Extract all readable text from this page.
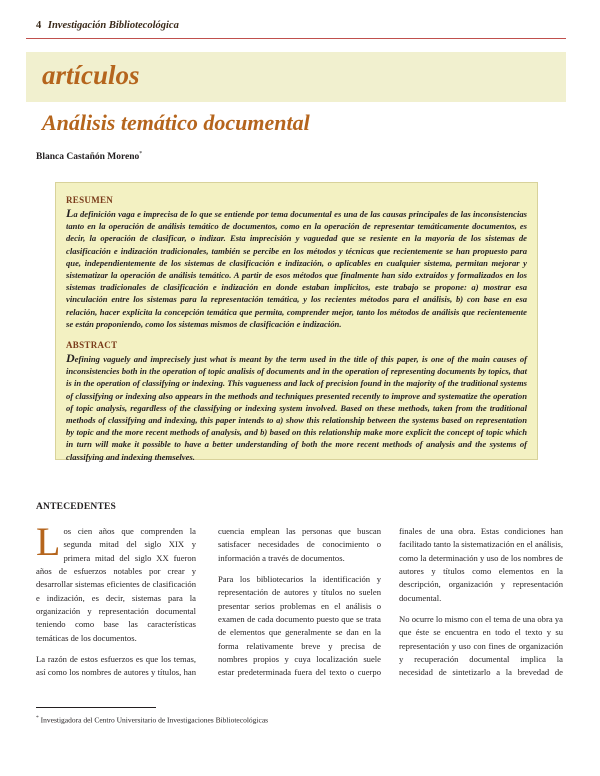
4 Investigación Bibliotecológica
artículos
Análisis temático documental
Blanca Castañón Moreno*
RESUMEN

La definición vaga e imprecisa de lo que se entiende por tema documental es una de las causas principales de las inconsistencias tanto en la operación de análisis temático de documentos, como en la operación de representar temáticamente documentos, es decir, la operación de clasificar, o indizar. Esta imprecisión y vaguedad que se resiente en la mayoría de los sistemas de clasificación e indización tradicionales, también se percibe en los métodos y técnicas que recientemente se han propuesto para que, independientemente de los sistemas de clasificación e indización, o aplicables en cualquier sistema, permitan mejorar y sistematizar la operación de análisis temático. A partir de esos métodos que finalmente han sido extraídos y formalizados en los sistemas tradicionales de clasificación e indización en donde estaban implícitos, este trabajo se propone: a) mostrar esa vinculación entre los sistemas para la representación temática, y los recientes métodos para el análisis, b) con base en esa relación, hacer explícita la concepción temática que permita, comprender mejor, tanto los métodos de análisis que recientemente se están proponiendo, como los sistemas mismos de clasificación e indización.

ABSTRACT

Defining vaguely and imprecisely just what is meant by the term used in the title of this paper, is one of the main causes of inconsistencies both in the operation of topic analisis of documents and in the operation of representing documents by topics, that is in the operation of classifying or indexing. This vagueness and lack of precision found in the majority of the traditional systems of classifying or indexing also appears in the methods and techniques presented recently to improve and systematize the operation of topic analysis, regardless of the classifying or indexing system involved. Based on these methods, taken from the traditional methods of classifying and indexing, this paper intends to a) show this relationship between the systems based on representation by topic and the more recent methods of analysis, and b) based on this relationship make more explicit the concept of topic which in turn will make it possible to have a better understanding of both the more recent methods of analysis and the systems of classifying and indexing themselves.

ANTECEDENTES

Los cien años que comprenden la segunda mitad del siglo XIX y primera mitad del siglo XX fueron años de esfuerzos notables por crear y desarrollar sistemas eficientes de clasificación e indización, es decir, sistemas para la organización y representación documental teniendo como base las características temáticas de los documentos.

La razón de estos esfuerzos es que los temas, así como los nombres de autores y títulos, han

cuencia emplean las personas que buscan satisfacer necesidades de conocimiento o información a través de documentos.

Para los bibliotecarios la identificación y representación de autores y títulos no suelen presentar serios problemas en el análisis o examen de cada documento puesto que se trata de elementos que generalmente se dan en la forma relativamente breve y precisa de nombres propios y cuya localización suele estar predeterminada fuera del texto o cuerpo

finales de una obra. Estas condiciones han facilitado tanto la sistematización en el análisis, como la determinación y uso de los nombres de autores y títulos como elementos en la descripción, organización y representación documental.

No ocurre lo mismo con el tema de una obra ya que éste se encuentra en todo el texto y su representación y uso con fines de organización y recuperación documental implica la necesidad de sintetizarlo a la brevedad de

* Investigadora del Centro Universitario de Investigaciones Bibliotecológicas
